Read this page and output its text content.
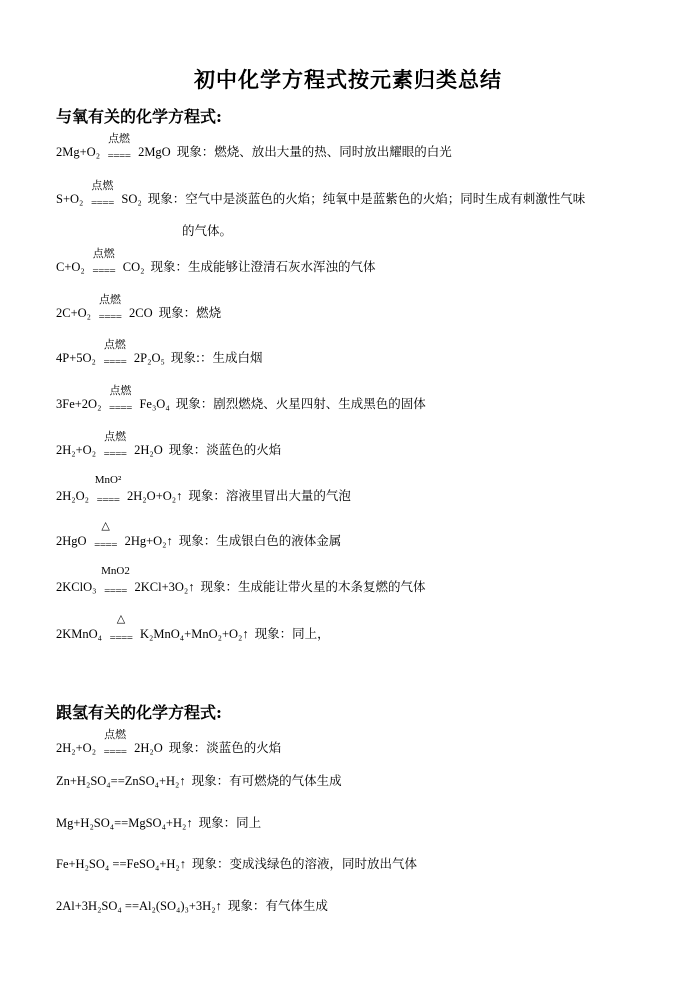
初中化学方程式按元素归类总结
与氧有关的化学方程式:
2Mg+O₂
点燃
==== 2MgO 现象：燃烧、放出大量的热、同时放出耀眼的白光
S+O₂
点燃
==== SO₂ 现象：空气中是淡蓝色的火焰；纯氧中是蓝紫色的火焰；同时生成有刺激性气味
的气体。
C+O₂
点燃
==== CO₂ 现象：生成能够让澄清石灰水浑浊的气体
2C+O₂
点燃
==== 2CO 现象：燃烧
4P+5O₂
点燃
==== 2P₂O₅ 现象:：生成白烟
3Fe+2O₂
点燃
==== Fe₃O₄ 现象：剧烈燃烧、火星四射、生成黑色的固体
2H₂+O₂
点燃
==== 2H₂O 现象：淡蓝色的火焰
2H₂O₂
MnO²
==== 2H₂O+O₂↑ 现象：溶液里冒出大量的气泡
2HgO
△
==== 2Hg+O₂↑ 现象：生成银白色的液体金属
2KClO₃
MnO2
==== 2KCl+3O₂↑ 现象：生成能让带火星的木条复燃的气体
2KMnO₄
△
==== K₂MnO₄+MnO₂+O₂↑ 现象：同上，
跟氢有关的化学方程式:
2H₂+O₂
点燃
==== 2H₂O 现象：淡蓝色的火焰
Zn+H₂SO₄==ZnSO₄+H₂↑ 现象：有可燃烧的气体生成
Mg+H₂SO₄==MgSO₄+H₂↑ 现象：同上
Fe+H₂SO₄ ==FeSO₄+H₂↑ 现象：变成浅绿色的溶液，同时放出气体
2Al+3H₂SO₄ ==Al₂(SO₄)₃+3H₂↑ 现象：有气体生成
